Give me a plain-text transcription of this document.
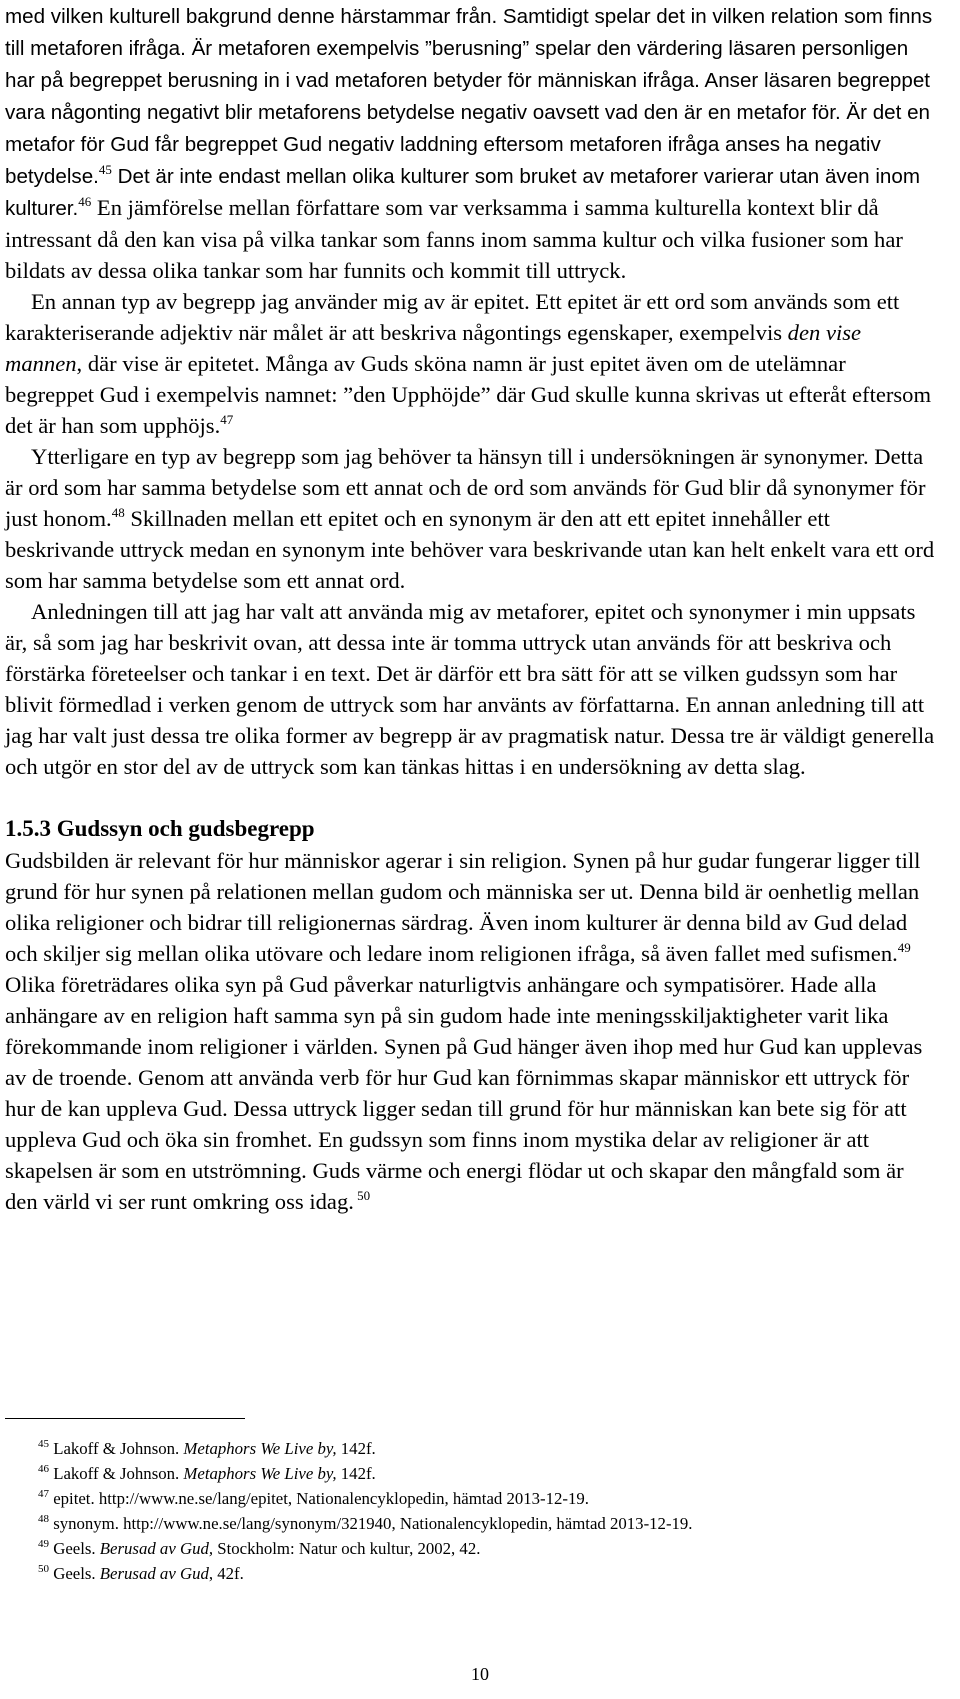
med vilken kulturell bakgrund denne härstammar från. Samtidigt spelar det in vilken relation som finns till metaforen ifråga. Är metaforen exempelvis ”berusning” spelar den värdering läsaren personligen har på begreppet berusning in i vad metaforen betyder för människan ifråga. Anser läsaren begreppet vara någonting negativt blir metaforens betydelse negativ oavsett vad den är en metafor för. Är det en metafor för Gud får begreppet Gud negativ laddning eftersom metaforen ifråga anses ha negativ betydelse.$^{45}$ Det är inte endast mellan olika kulturer som bruket av metaforer varierar utan även inom kulturer.$^{46}$ En jämförelse mellan författare som var verksamma i samma kulturella kontext blir då intressant då den kan visa på vilka tankar som fanns inom samma kultur och vilka fusioner som har bildats av dessa olika tankar som har funnits och kommit till uttryck.

En annan typ av begrepp jag använder mig av är epitet. Ett epitet är ett ord som används som ett karakteriserande adjektiv när målet är att beskriva någontings egenskaper, exempelvis den vise mannen, där vise är epitetet. Många av Guds sköna namn är just epitet även om de utelämnar begreppet Gud i exempelvis namnet: ”den Upphöjde” där Gud skulle kunna skrivas ut efteråt eftersom det är han som upphöjs.$^{47}$

Ytterligare en typ av begrepp som jag behöver ta hänsyn till i undersökningen är synonymer. Detta är ord som har samma betydelse som ett annat och de ord som används för Gud blir då synonymer för just honom.$^{48}$ Skillnaden mellan ett epitet och en synonym är den att ett epitet innehåller ett beskrivande uttryck medan en synonym inte behöver vara beskrivande utan kan helt enkelt vara ett ord som har samma betydelse som ett annat ord.

Anledningen till att jag har valt att använda mig av metaforer, epitet och synonymer i min uppsats är, så som jag har beskrivit ovan, att dessa inte är tomma uttryck utan används för att beskriva och förstärka företeelser och tankar i en text. Det är därför ett bra sätt för att se vilken gudssyn som har blivit förmedlad i verken genom de uttryck som har använts av författarna. En annan anledning till att jag har valt just dessa tre olika former av begrepp är av pragmatisk natur. Dessa tre är väldigt generella och utgör en stor del av de uttryck som kan tänkas hittas i en undersökning av detta slag.

1.5.3 Gudssyn och gudsbegrepp

Gudsbilden är relevant för hur människor agerar i sin religion. Synen på hur gudar fungerar ligger till grund för hur synen på relationen mellan gudom och människa ser ut. Denna bild är oenhetlig mellan olika religioner och bidrar till religionernas särdrag. Även inom kulturer är denna bild av Gud delad och skiljer sig mellan olika utövare och ledare inom religionen ifråga, så även fallet med sufismen.$^{49}$ Olika företrädares olika syn på Gud påverkar naturligtvis anhängare och sympatisörer. Hade alla anhängare av en religion haft samma syn på sin gudom hade inte meningsskiljaktigheter varit lika förekommande inom religioner i världen. Synen på Gud hänger även ihop med hur Gud kan upplevas av de troende. Genom att använda verb för hur Gud kan förnimmas skapar människor ett uttryck för hur de kan uppleva Gud. Dessa uttryck ligger sedan till grund för hur människan kan bete sig för att uppleva Gud och öka sin fromhet. En gudssyn som finns inom mystika delar av religioner är att skapelsen är som en utströmning. Guds värme och energi flödar ut och skapar den mångfald som är den värld vi ser runt omkring oss idag. $^{50}$

$^{45}$ Lakoff & Johnson. Metaphors We Live by, 142f.

$^{46}$ Lakoff & Johnson. Metaphors We Live by, 142f.

$^{47}$ epitet. http://www.ne.se/lang/epitet, Nationalencyklopedin, hämtad 2013-12-19.

$^{48}$ synonym. http://www.ne.se/lang/synonym/321940, Nationalencyklopedin, hämtad 2013-12-19.

$^{49}$ Geels. Berusad av Gud, Stockholm: Natur och kultur, 2002, 42.

$^{50}$ Geels. Berusad av Gud, 42f.

10
